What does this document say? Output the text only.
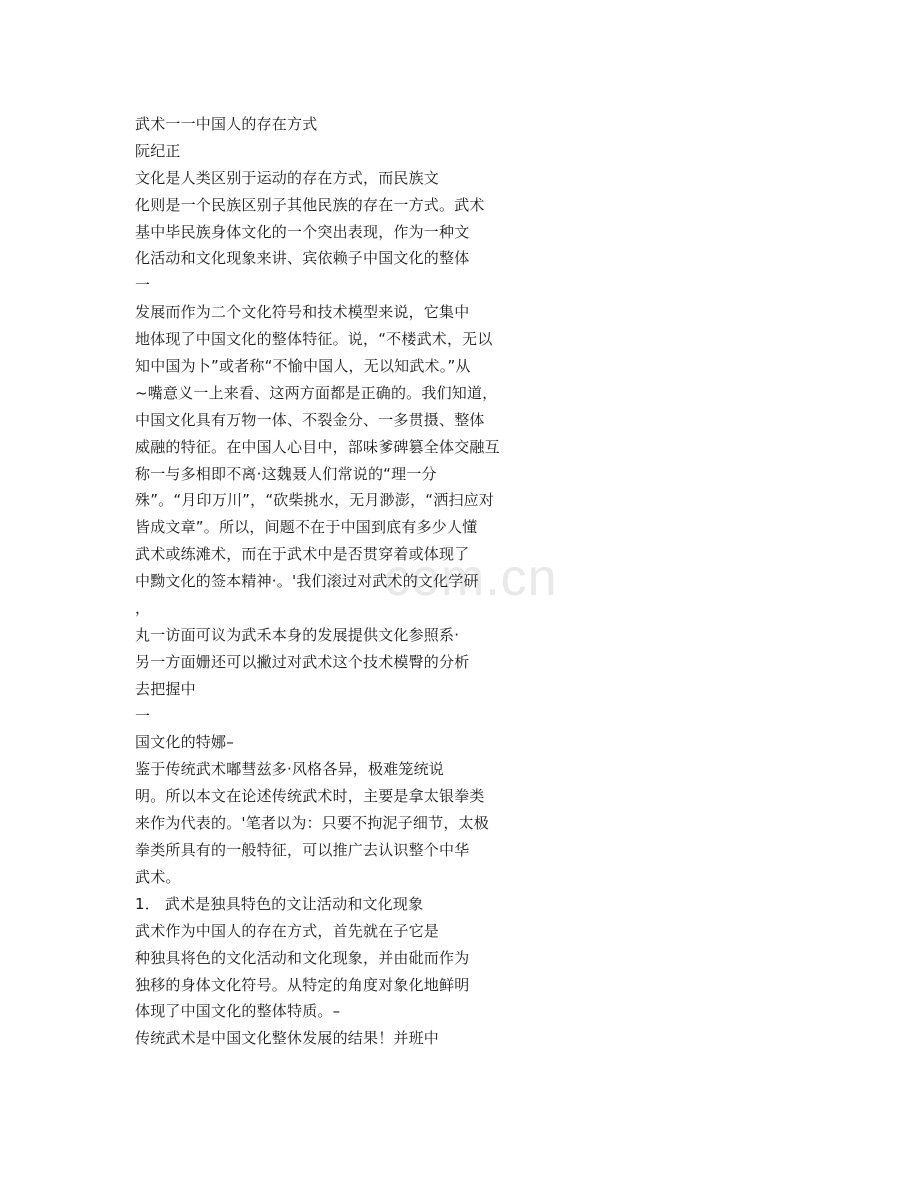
com.cn
武术一一中国人的存在方式
阮纪正
文化是人类区别于运动的存在方式，而民族文
化则是一个民族区别子其他民族的存在一方式。武术
基中毕民族身体文化的一个突出表现，作为一种文
化活动和文化现象来讲、宾依赖子中国文化的整体
一
发展而作为二个文化符号和技术模型来说，它集中
地体现了中国文化的整体特征。说，“不楼武术，无以
知中国为卜”或者称“不愉中国人，无以知武术。”从
~嘴意义一上来看、这两方面都是正确的。我们知道，
中国文化具有万物一体、不裂金分、一多贯摄、整体
威融的特征。在中国人心目中，部味爹碑篡全体交融互
称一与多相即不离·这魏聂人们常说的“理一分
殊”。“月印万川”，“砍柴挑水，无月渺澎，“洒扫应对
皆成文章”。所以，间题不在于中国到底有多少人懂
武术或练滩术，而在于武术中是否贯穿着或体现了
中黝文化的签本精神·。'我们滚过对武术的文化学研
，
丸一访面可议为武禾本身的发展提供文化参照系·
另一方面姗还可以撇过对武术这个技术模臀的分析
去把握中
一
国文化的特娜–
鉴于传统武术嘟彗兹多·风格各异，极难笼统说
明。所以本文在论述传统武术时，主要是拿太银拳类
来作为代表的。'笔者以为：只要不拘泥子细节，太极
拳类所具有的一般特征，可以推广去认识整个中华
武术。
1． 武术是独具特色的文让活动和文化现象
武术作为中国人的存在方式，首先就在子它是
种独具将色的文化活动和文化现象，并由砒而作为
独移的身体文化符号。从特定的角度对象化地鲜明
体现了中国文化的整体特质。–
传统武术是中国文化整休发展的结果！并班中
